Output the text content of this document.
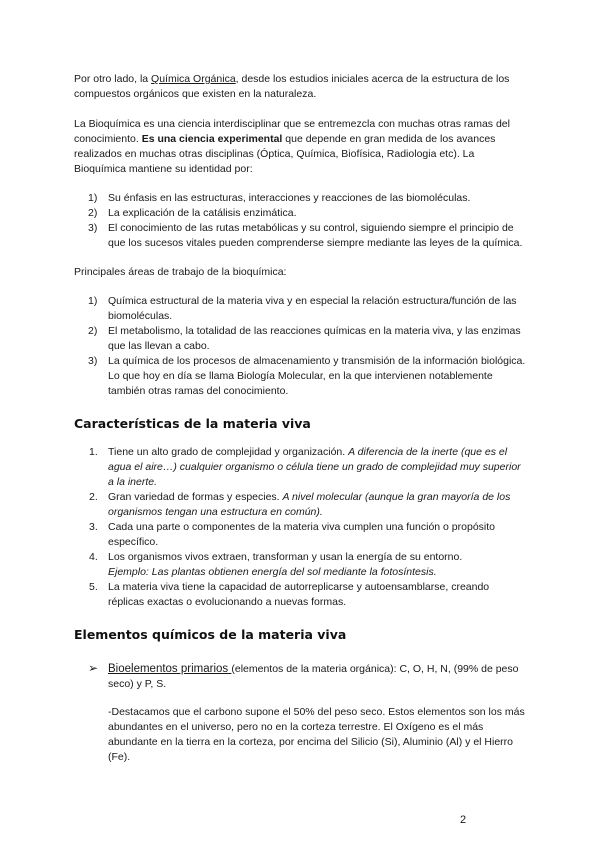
Por otro lado, la Química Orgánica, desde los estudios iniciales acerca de la estructura de los compuestos orgánicos que existen en la naturaleza.

La Bioquímica es una ciencia interdisciplinar que se entremezcla con muchas otras ramas del conocimiento. Es una ciencia experimental que depende en gran medida de los avances realizados en muchas otras disciplinas (Óptica, Química, Biofísica, Radiologia etc). La Bioquímica mantiene su identidad por:

1) Su énfasis en las estructuras, interacciones y reacciones de las biomoléculas.
2) La explicación de la catálisis enzimática.
3) El conocimiento de las rutas metabólicas y su control, siguiendo siempre el principio de que los sucesos vitales pueden comprenderse siempre mediante las leyes de la química.

Principales áreas de trabajo de la bioquímica:

1) Química estructural de la materia viva y en especial la relación estructura/función de las biomoléculas.
2) El metabolismo, la totalidad de las reacciones químicas en la materia viva, y las enzimas que las llevan a cabo.
3) La química de los procesos de almacenamiento y transmisión de la información biológica. Lo que hoy en día se llama Biología Molecular, en la que intervienen notablemente también otras ramas del conocimiento.
Características de la materia viva
1. Tiene un alto grado de complejidad y organización. A diferencia de la inerte (que es el agua el aire…) cualquier organismo o célula tiene un grado de complejidad muy superior a la inerte.
2. Gran variedad de formas y especies. A nivel molecular (aunque la gran mayoría de los organismos tengan una estructura en común).
3. Cada una parte o componentes de la materia viva cumplen una función o propósito específico.
4. Los organismos vivos extraen, transforman y usan la energía de su entorno.
Ejemplo: Las plantas obtienen energía del sol mediante la fotosíntesis.
5. La materia viva tiene la capacidad de autorreplicarse y autoensamblarse, creando réplicas exactas o evolucionando a nuevas formas.
Elementos químicos de la materia viva
➢ Bioelementos primarios (elementos de la materia orgánica): C, O, H, N, (99% de peso seco) y P, S.

-Destacamos que el carbono supone el 50% del peso seco. Estos elementos son los más abundantes en el universo, pero no en la corteza terrestre. El Oxígeno es el más abundante en la tierra en la corteza, por encima del Silicio (Si), Aluminio (Al) y el Hierro (Fe).

2
